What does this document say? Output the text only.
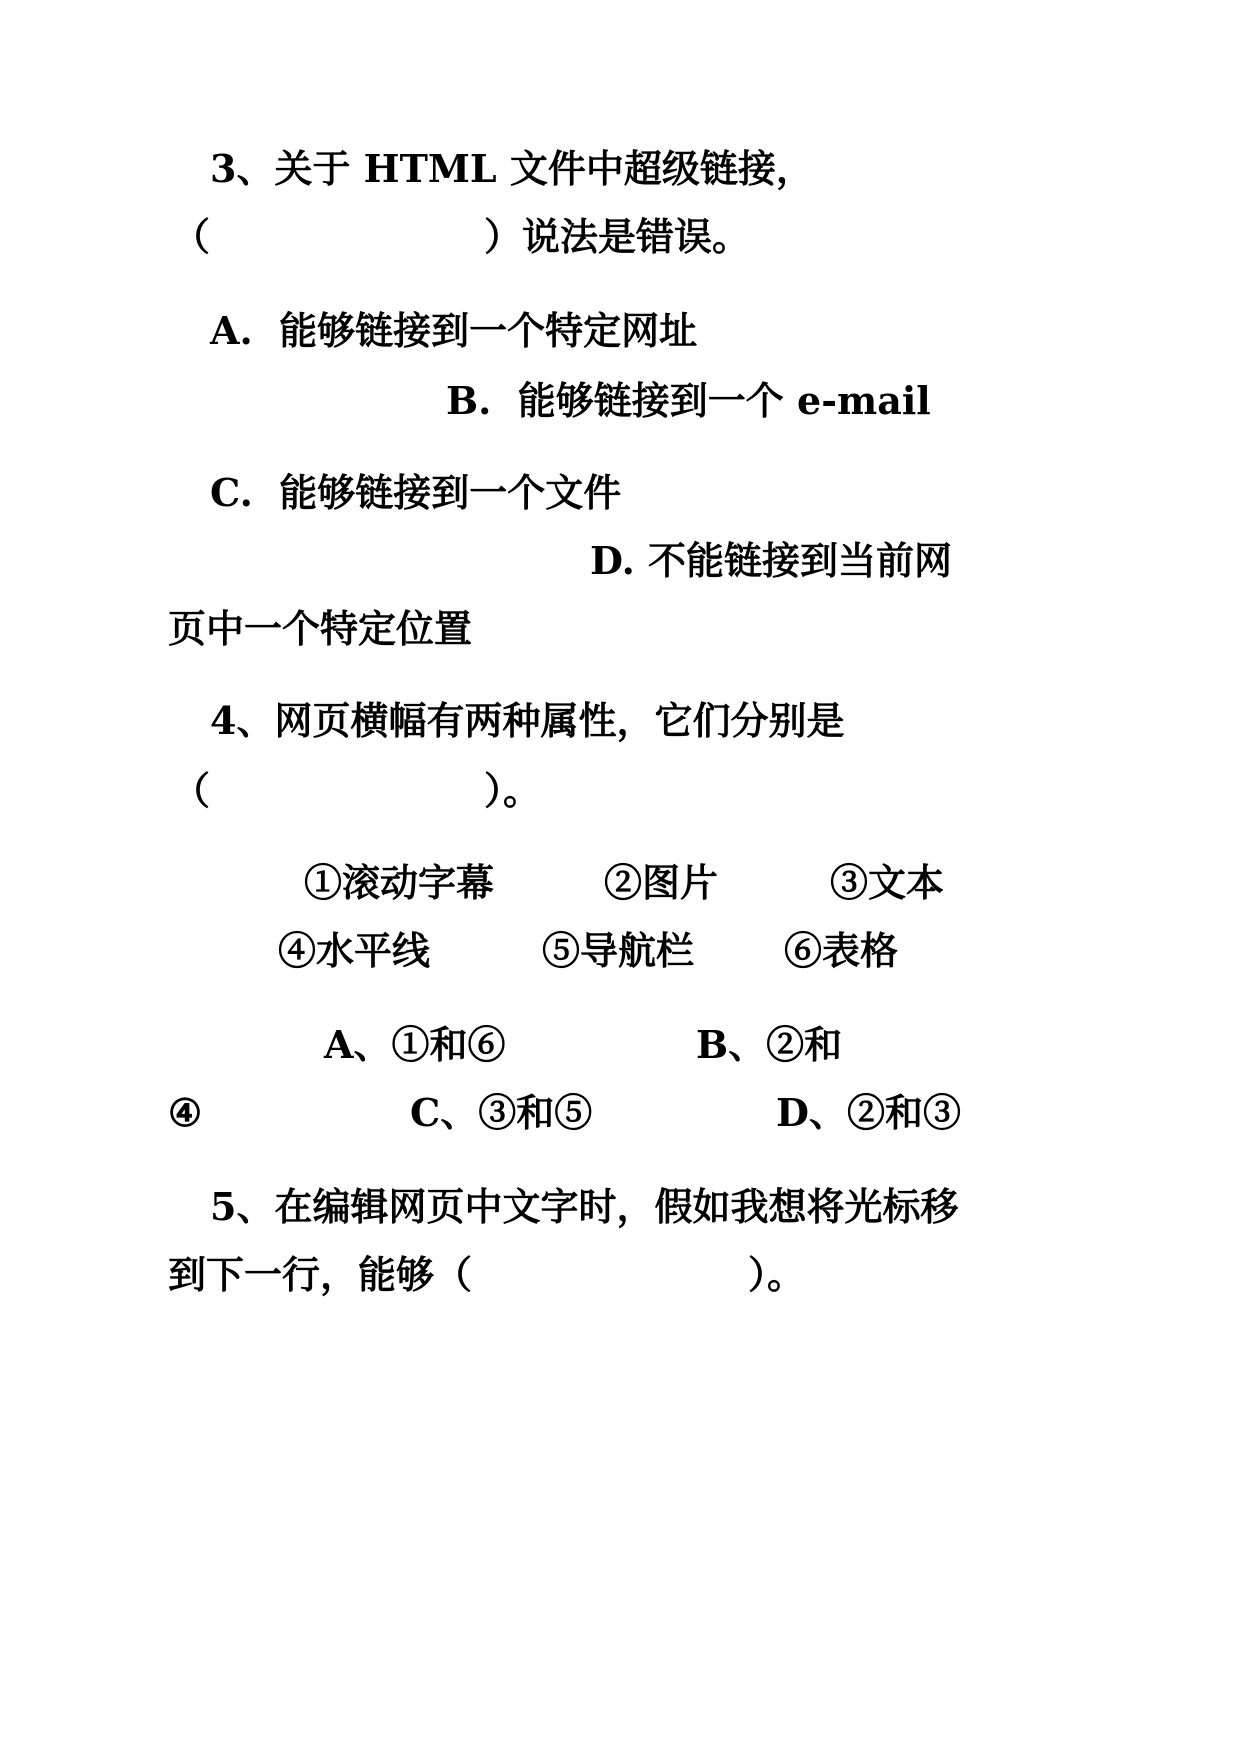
3、关于 HTML 文件中超级链接，

（	）说法是错误。

A.  能够链接到一个特定网址

B.  能够链接到一个 e-mail

C.  能够链接到一个文件

D. 不能链接到当前网

页中一个特定位置

4、网页横幅有两种属性，它们分别是

（	）。

①滚动字幕	②图片	③文本

④水平线	⑤导航栏 ⑥表格

A、①和⑥	B、②和

④	C、③和⑤	D、②和③

5、在编辑网页中文字时，假如我想将光标移

到下一行，能够（	）。
